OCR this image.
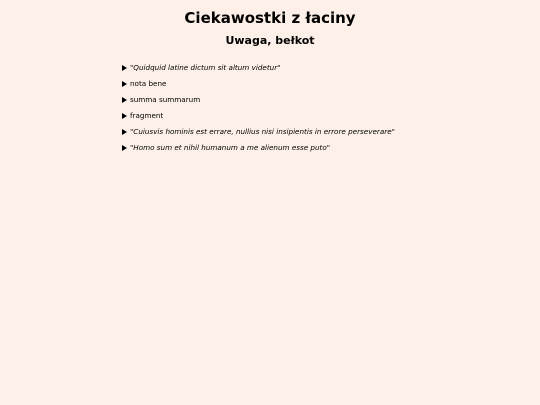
Ciekawostki z łaciny
Uwaga, bełkot
"Quidquid latine dictum sit altum videtur"
nota bene
summa summarum
fragment
"Cuiusvis hominis est errare, nullius nisi insipientis in errore perseverare"
"Homo sum et nihil humanum a me alienum esse puto"
